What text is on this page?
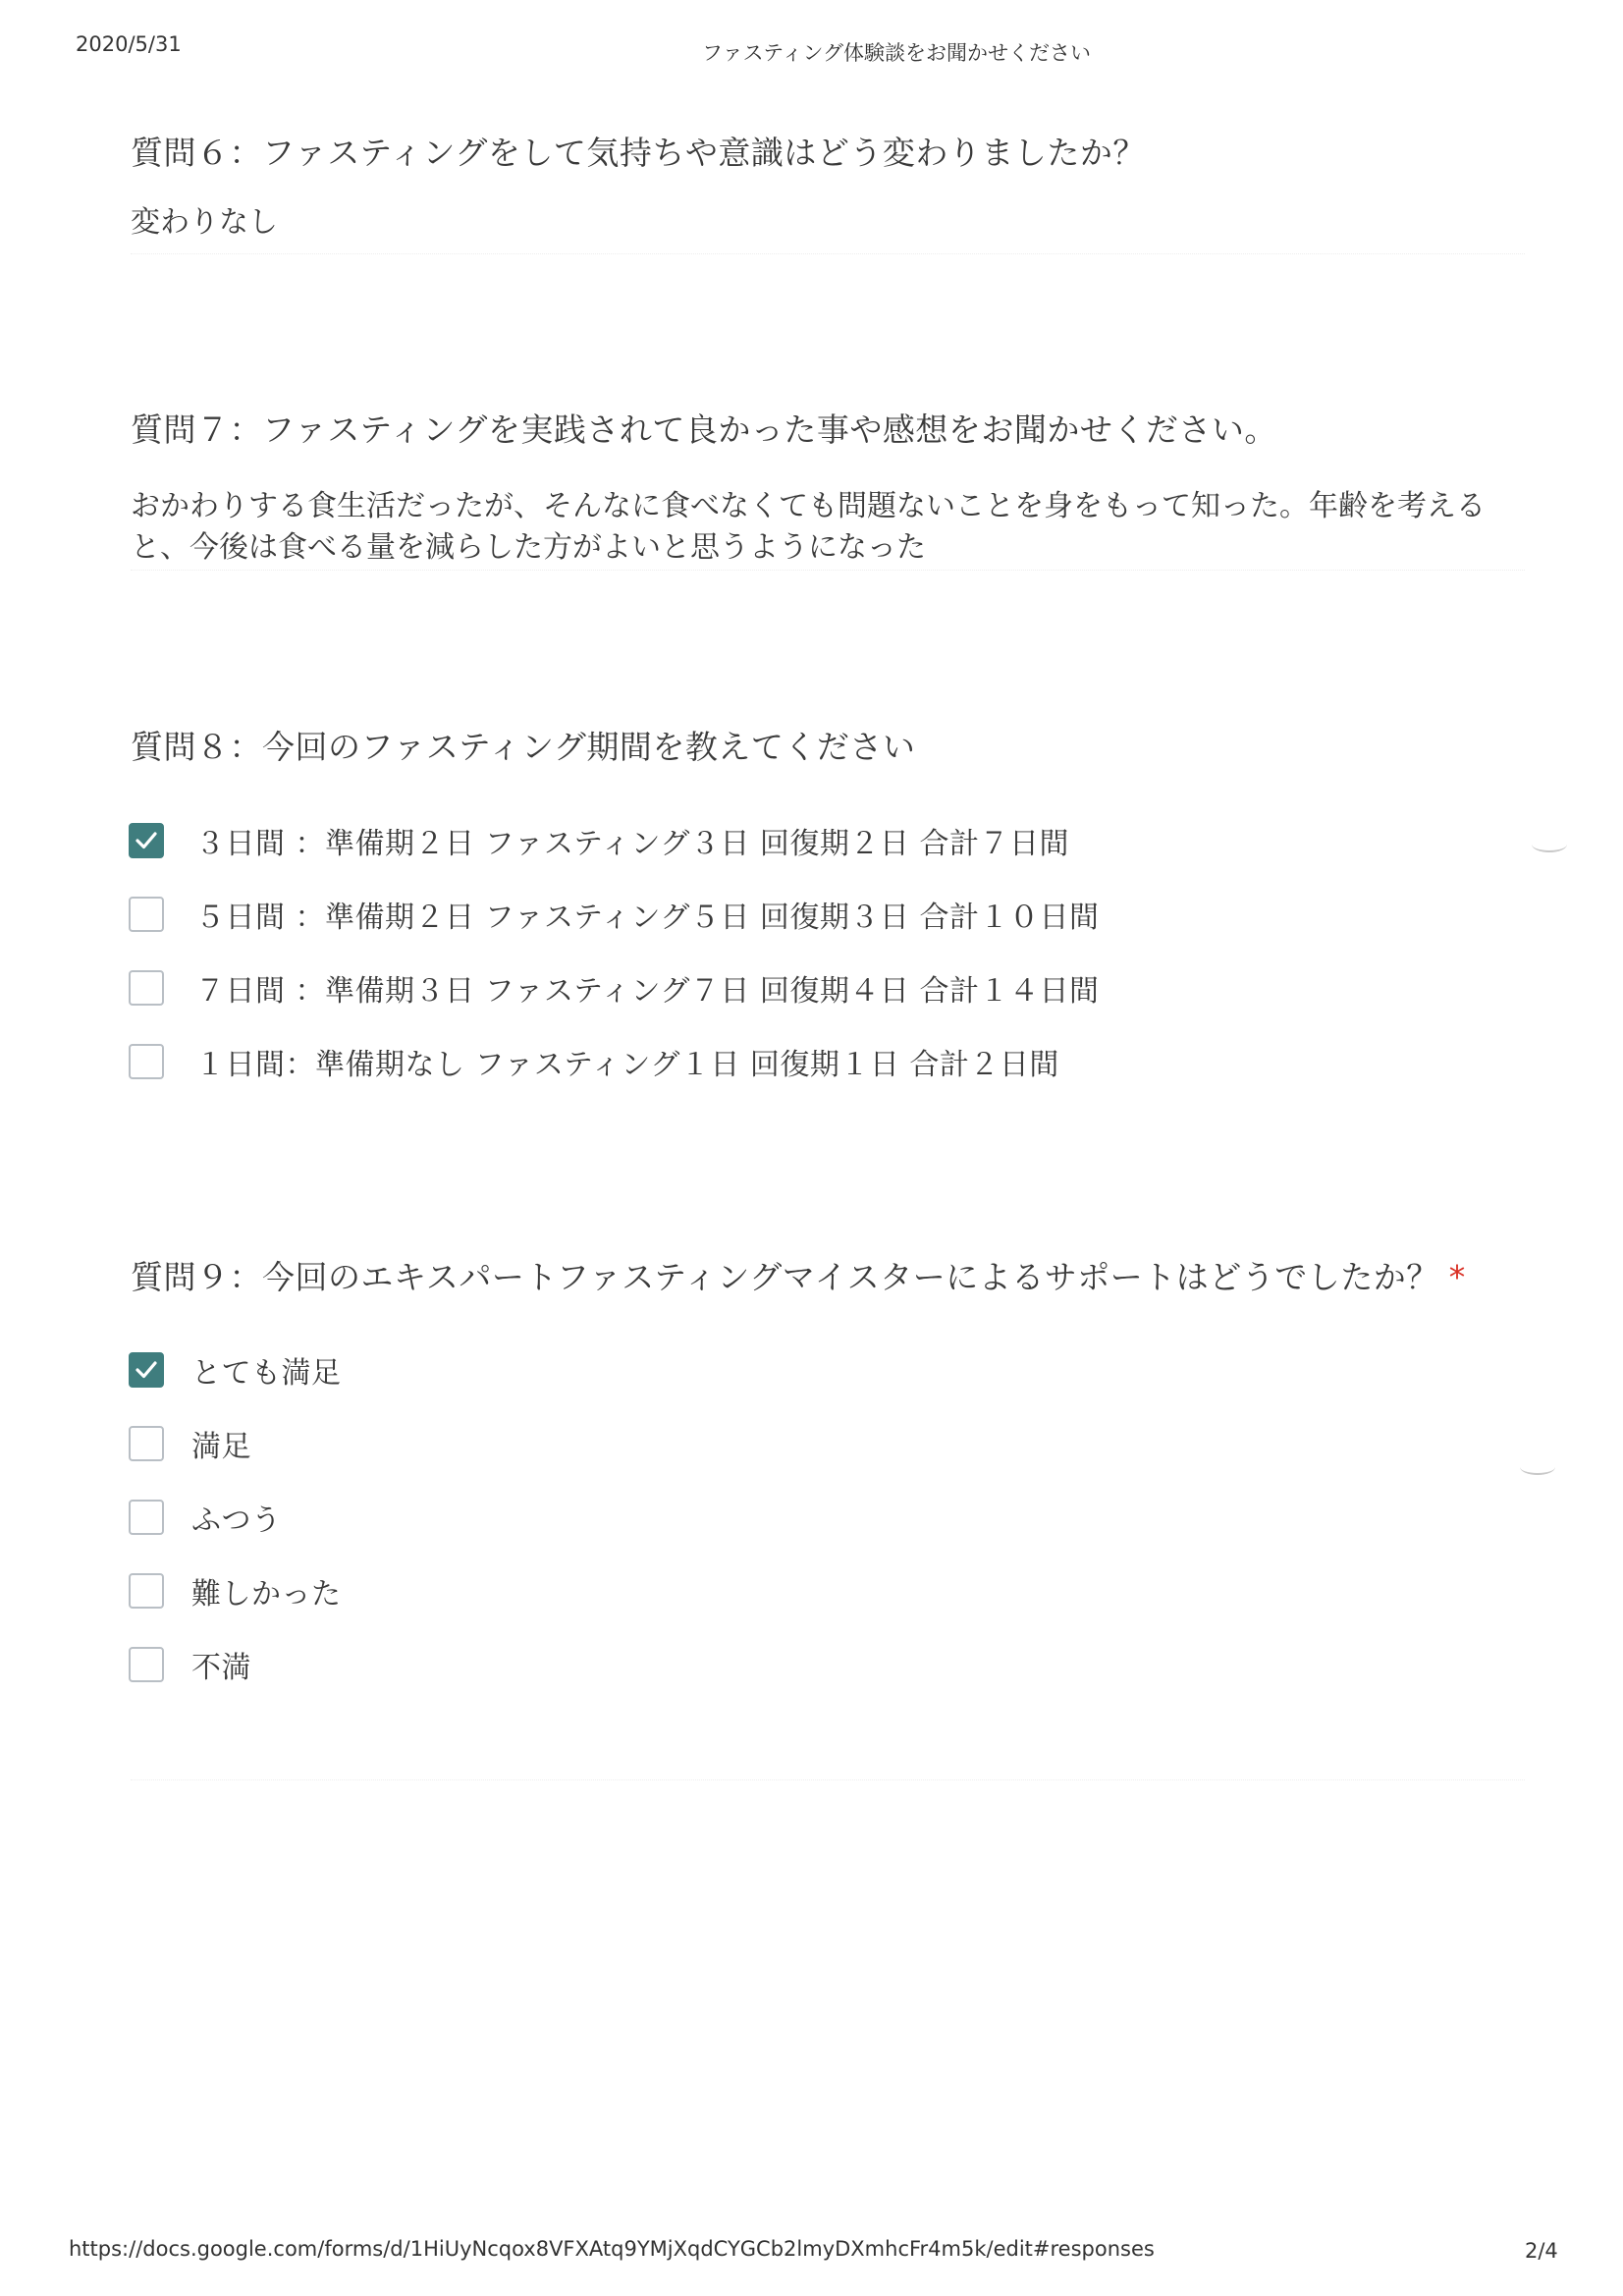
2020/5/31	ファスティング体験談をお聞かせください
質問６：ファスティングをして気持ちや意識はどう変わりましたか？
変わりなし
質問７：ファスティングを実践されて良かった事や感想をお聞かせください。
おかわりする食生活だったが、そんなに食べなくても問題ないことを身をもって知った。年齢を考える
と、今後は食べる量を減らした方がよいと思うようになった
質問８：今回のファスティング期間を教えてください
３日間 ：準備期２日 ファスティング３日 回復期２日 合計７日間
５日間 ：準備期２日 ファスティング５日 回復期３日 合計１０日間
７日間 ：準備期３日 ファスティング７日 回復期４日 合計１４日間
１日間：準備期なし ファスティング１日 回復期１日 合計２日間
質問９：今回のエキスパートファスティングマイスターによるサポートはどうでしたか？ *
とても満足
満足
ふつう
難しかった
不満
https://docs.google.com/forms/d/1HiUyNcqox8VFXAtq9YMjXqdCYGCb2lmyDXmhcFr4m5k/edit#responses	2/4
